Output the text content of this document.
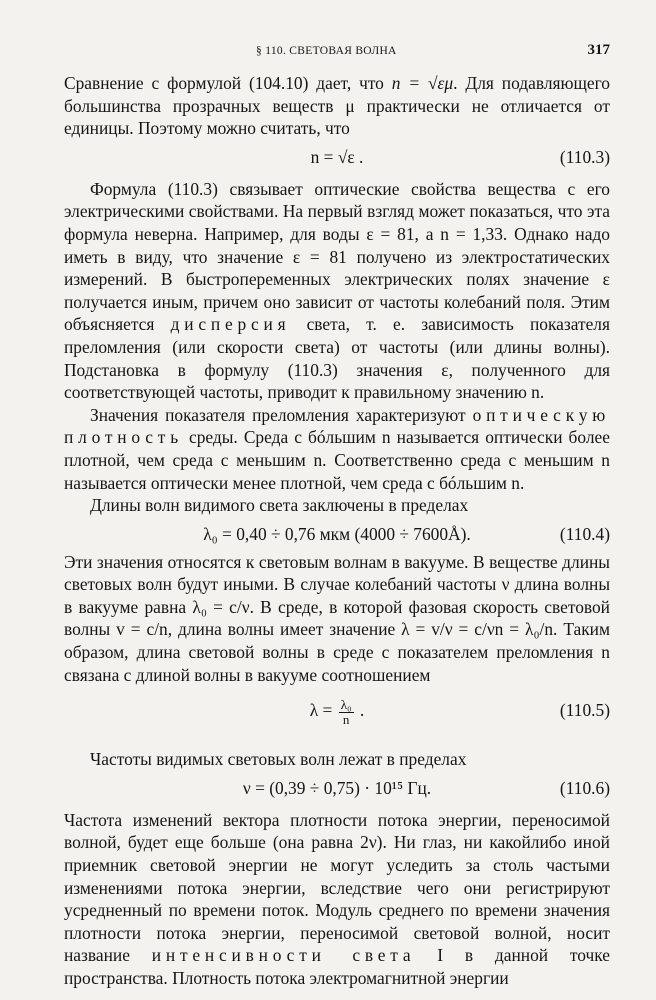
§ 110. СВЕТОВАЯ ВОЛНА	317

Сравнение с формулой (104.10) дает, что n = √εμ. Для подавляющего большинства прозрачных веществ μ практически не отличается от единицы. Поэтому можно считать, что

n = √ε .	(110.3)

Формула (110.3) связывает оптические свойства вещества с его электрическими свойствами. На первый взгляд может показаться, что эта формула неверна. Например, для воды ε = 81, а n = 1,33. Однако надо иметь в виду, что значение ε = 81 получено из электростатических измерений. В быстропеременных электрических полях значение ε получается иным, причем оно зависит от частоты колебаний поля. Этим объясняется дисперсия света, т. е. зависимость показателя преломления (или скорости света) от частоты (или длины волны). Подстановка в формулу (110.3) значения ε, полученного для соответствующей частоты, приводит к правильному значению n.

Значения показателя преломления характеризуют оптическую плотность среды. Среда с бóльшим n называется оптически более плотной, чем среда с меньшим n. Соответственно среда с меньшим n называется оптически менее плотной, чем среда с бóльшим n.

Длины волн видимого света заключены в пределах

λ₀ = 0,40 ÷ 0,76 мкм (4000 ÷ 7600Å).	(110.4)

Эти значения относятся к световым волнам в вакууме. В веществе длины световых волн будут иными. В случае колебаний частоты ν длина волны в вакууме равна λ₀ = c/ν. В среде, в которой фазовая скорость световой волны v = c/n, длина волны имеет значение λ = v/ν = c/νn = λ₀/n. Таким образом, длина световой волны в среде с показателем преломления n связана с длиной волны в вакууме соотношением

$\lambda = \frac{\text{λ₀}}{n}$ .	(110.5)

Частоты видимых световых волн лежат в пределах

ν = (0,39 ÷ 0,75) · 10¹⁵ Гц.	(110.6)

Частота изменений вектора плотности потока энергии, переносимой волной, будет еще больше (она равна 2ν). Ни глаз, ни какойлибо иной приемник световой энергии не могут уследить за столь частыми изменениями потока энергии, вследствие чего они регистрируют усредненный по времени поток. Модуль среднего по времени значения плотности потока энергии, переносимой световой волной, носит название интенсивности света I в данной точке пространства. Плотность потока электромагнитной энергии
